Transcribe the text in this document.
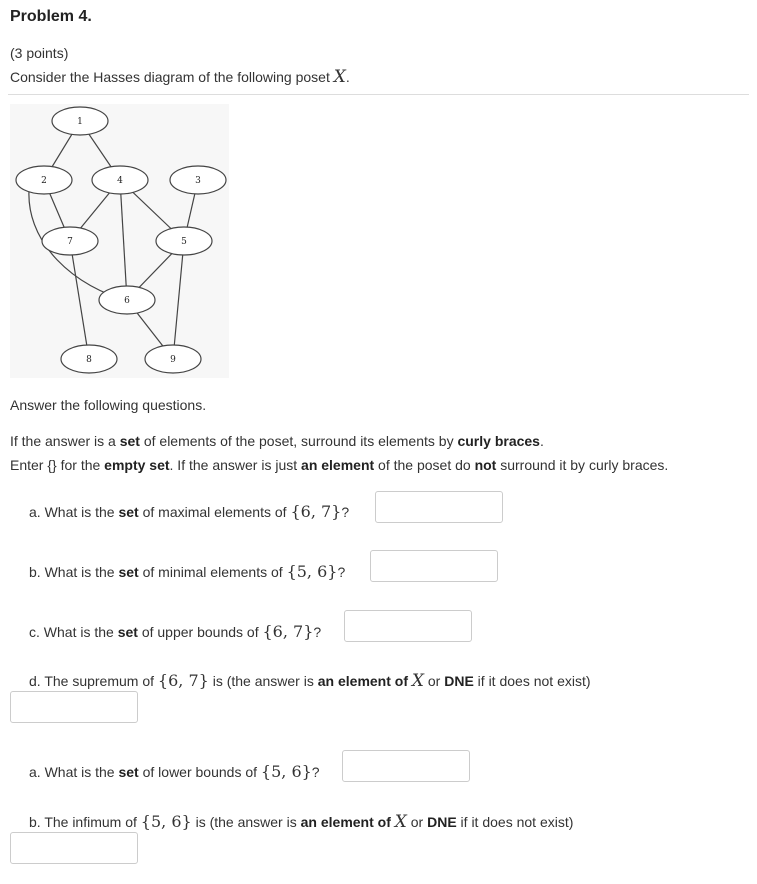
Problem 4.
(3 points)
Consider the Hasses diagram of the following poset X.
1
2	4	3
7	5
6
8	9
Answer the following questions.
If the answer is a set of elements of the poset, surround its elements by curly braces.
Enter {} for the empty set. If the answer is just an element of the poset do not surround it by curly braces.
a. What is the set of maximal elements of {6, 7}?
b. What is the set of minimal elements of {5, 6}?
c. What is the set of upper bounds of {6, 7}?
d. The supremum of {6, 7} is (the answer is an element of X or DNE if it does not exist)
a. What is the set of lower bounds of {5, 6}?
b. The infimum of {5, 6} is (the answer is an element of X or DNE if it does not exist)
